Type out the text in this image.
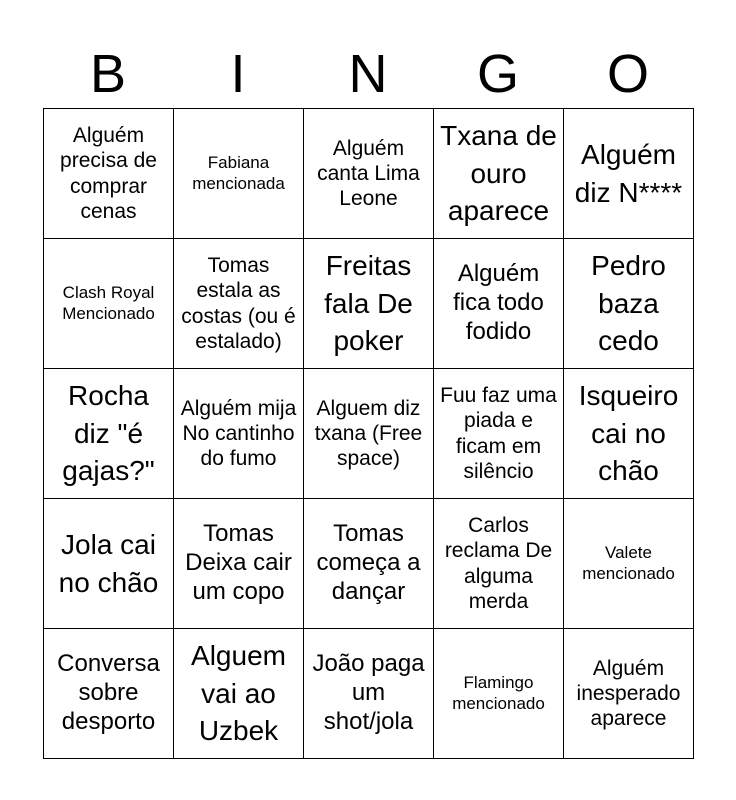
B	I	N	G	O
Alguém precisa de comprar cenas	Fabiana mencionada	Alguém canta Lima Leone	Txana de ouro aparece	Alguém diz N****
Clash Royal Mencionado	Tomas estala as costas (ou é estalado)	Freitas fala De poker	Alguém fica todo fodido	Pedro baza cedo
Rocha diz "é gajas?"	Alguém mija No cantinho do fumo	Alguem diz txana (Free space)	Fuu faz uma piada e ficam em silêncio	Isqueiro cai no chão
Jola cai no chão	Tomas Deixa cair um copo	Tomas começa a dançar	Carlos reclama De alguma merda	Valete mencionado
Conversa sobre desporto	Alguem vai ao Uzbek	João paga um shot/jola	Flamingo mencionado	Alguém inesperado aparece
